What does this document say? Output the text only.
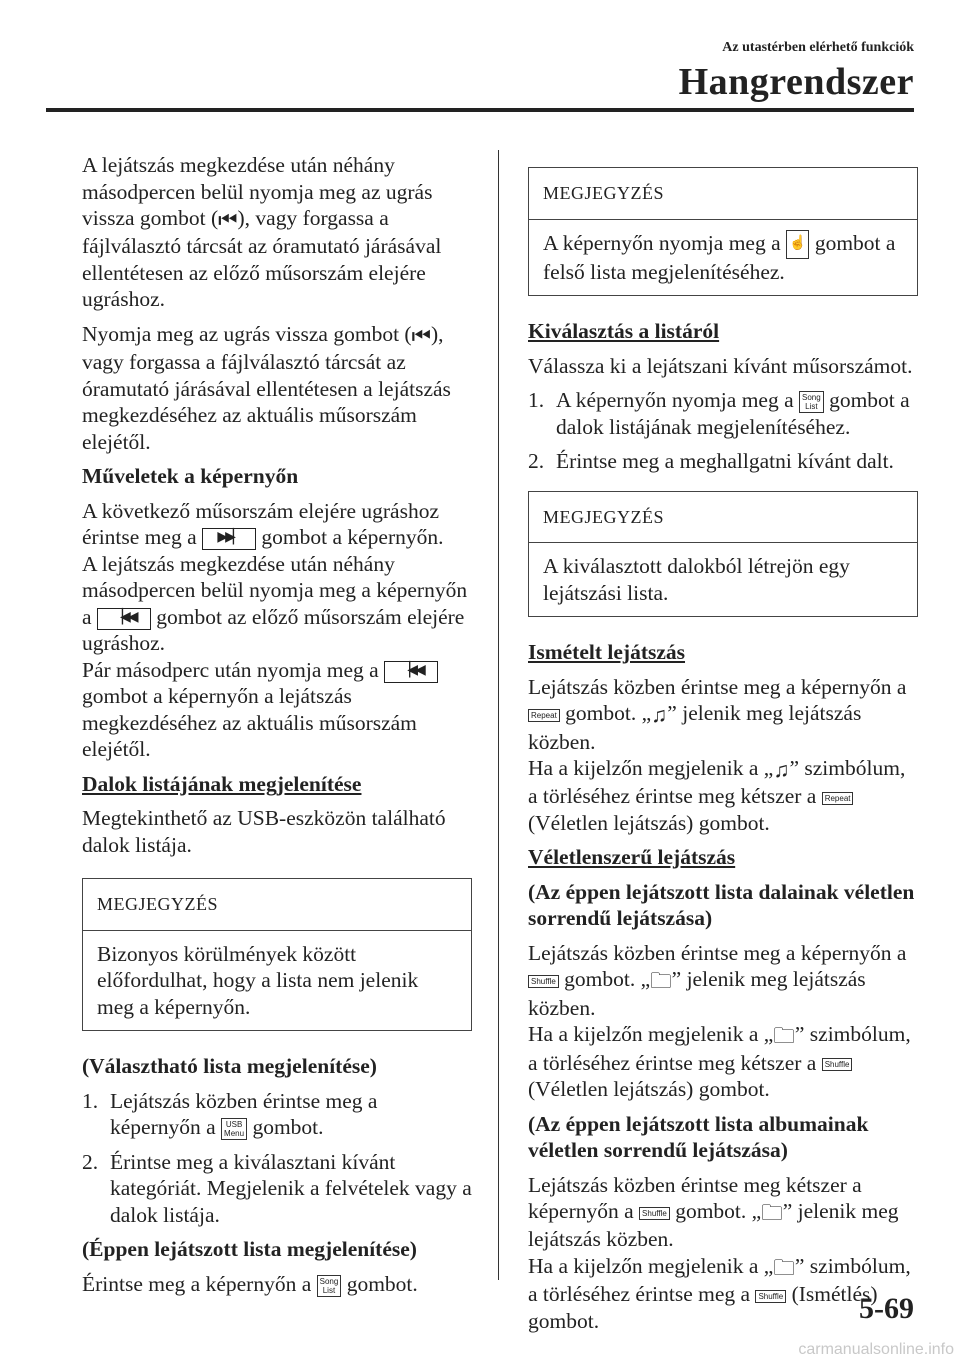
Az utastérben elérhető funkciók
Hangrendszer

A lejátszás megkezdése után néhány másodpercen belül nyomja meg az ugrás vissza gombot (⏮), vagy forgassa a fájlválasztó tárcsát az óramutató járásával ellentétesen az előző műsorszám elejére ugráshoz.

Nyomja meg az ugrás vissza gombot (⏮), vagy forgassa a fájlválasztó tárcsát az óramutató járásával ellentétesen a lejátszás megkezdéséhez az aktuális műsorszám elejétől.

Műveletek a képernyőn

A következő műsorszám elejére ugráshoz érintse meg a ▶▶▏ gombot a képernyőn.

A lejátszás megkezdése után néhány másodpercen belül nyomja meg a képernyőn a ▕◀◀ gombot az előző műsorszám elejére ugráshoz.

Pár másodperc után nyomja meg a ▕◀◀ gombot a képernyőn a lejátszás megkezdéséhez az aktuális műsorszám elejétől.

Dalok listájának megjelenítése

Megtekinthető az USB-eszközön található dalok listája.

MEGJEGYZÉS
Bizonyos körülmények között előfordulhat, hogy a lista nem jelenik meg a képernyőn.

(Választható lista megjelenítése)

1. Lejátszás közben érintse meg a képernyőn a USB
Menu gombot.
2. Érintse meg a kiválasztani kívánt kategóriát. Megjelenik a felvételek vagy a dalok listája.

(Éppen lejátszott lista megjelenítése)

Érintse meg a képernyőn a Song
List gombot.

MEGJEGYZÉS
A képernyőn nyomja meg a ☝ gombot a felső lista megjelenítéséhez.

Kiválasztás a listáról

Válassza ki a lejátszani kívánt műsorszámot.

1. A képernyőn nyomja meg a Song
List gombot a dalok listájának megjelenítéséhez.
2. Érintse meg a meghallgatni kívánt dalt.
MEGJEGYZÉS
A kiválasztott dalokból létrejön egy lejátszási lista.

Ismételt lejátszás

Lejátszás közben érintse meg a képernyőn a Repeat gombot. „♫” jelenik meg lejátszás közben.

Ha a kijelzőn megjelenik a „♫” szimbólum, a törléséhez érintse meg kétszer a Repeat (Véletlen lejátszás) gombot.

Véletlenszerű lejátszás

(Az éppen lejátszott lista dalainak véletlen sorrendű lejátszása)

Lejátszás közben érintse meg a képernyőn a Shuffle gombot. „🗀” jelenik meg lejátszás közben.

Ha a kijelzőn megjelenik a „🗀” szimbólum, a törléséhez érintse meg kétszer a Shuffle (Véletlen lejátszás) gombot.

(Az éppen lejátszott lista albumainak véletlen sorrendű lejátszása)

Lejátszás közben érintse meg kétszer a képernyőn a Shuffle gombot. „🗀” jelenik meg lejátszás közben.

Ha a kijelzőn megjelenik a „🗀” szimbólum, a törléséhez érintse meg a Shuffle (Ismétlés) gombot.	5-69
carmanualsonline.info
